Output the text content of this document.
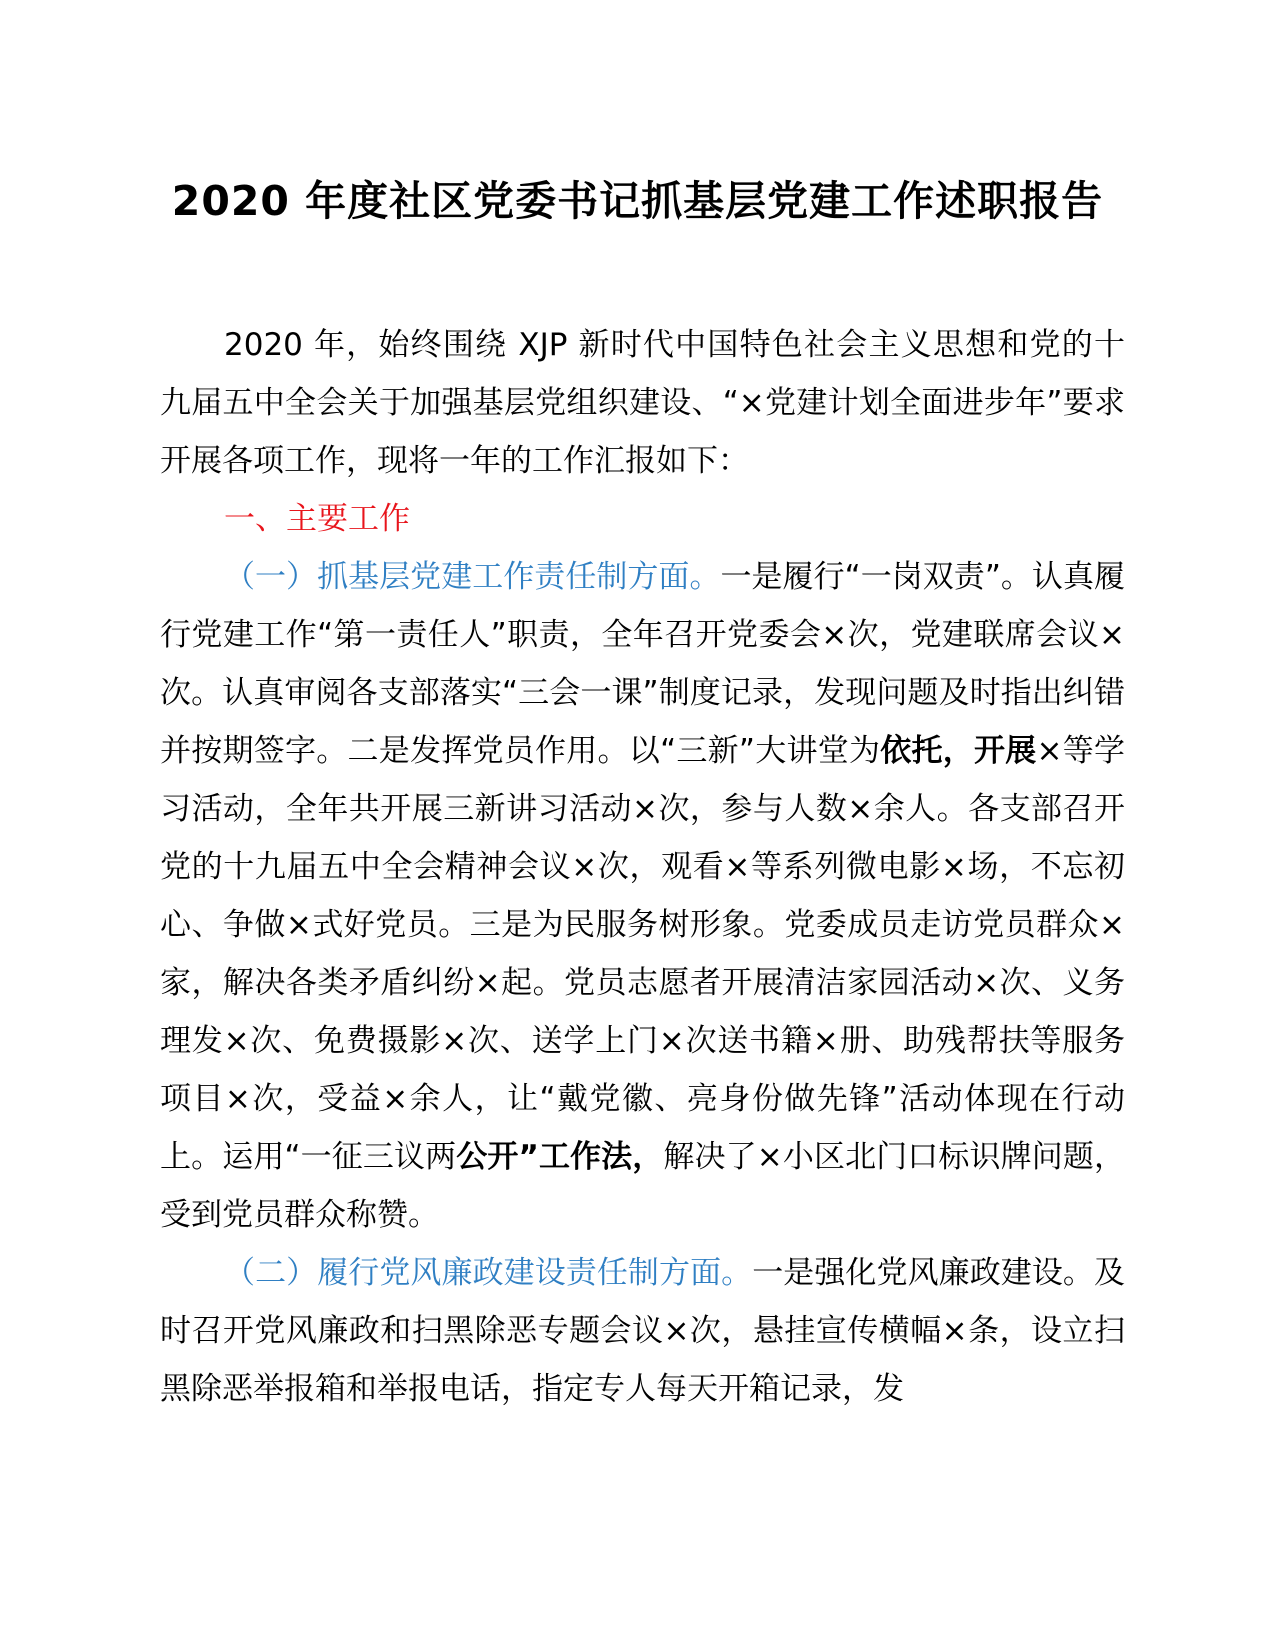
2020 年度社区党委书记抓基层党建工作述职报告

2020 年，始终围绕 XJP 新时代中国特色社会主义思想和党的十九届五中全会关于加强基层党组织建设、“×党建计划全面进步年”要求开展各项工作，现将一年的工作汇报如下：

一、主要工作

（一）抓基层党建工作责任制方面。一是履行“一岗双责”。认真履行党建工作“第一责任人”职责，全年召开党委会×次，党建联席会议×次。认真审阅各支部落实“三会一课”制度记录，发现问题及时指出纠错并按期签字。二是发挥党员作用。以“三新”大讲堂为依托，开展×等学习活动，全年共开展三新讲习活动×次，参与人数×余人。各支部召开党的十九届五中全会精神会议×次，观看×等系列微电影×场，不忘初心、争做×式好党员。三是为民服务树形象。党委成员走访党员群众×家，解决各类矛盾纠纷×起。党员志愿者开展清洁家园活动×次、义务理发×次、免费摄影×次、送学上门×次送书籍×册、助残帮扶等服务项目×次，受益×余人，让“戴党徽、亮身份做先锋”活动体现在行动上。运用“一征三议两公开”工作法，解决了×小区北门口标识牌问题，受到党员群众称赞。

（二）履行党风廉政建设责任制方面。一是强化党风廉政建设。及时召开党风廉政和扫黑除恶专题会议×次，悬挂宣传横幅×条，设立扫黑除恶举报箱和举报电话，指定专人每天开箱记录，发
